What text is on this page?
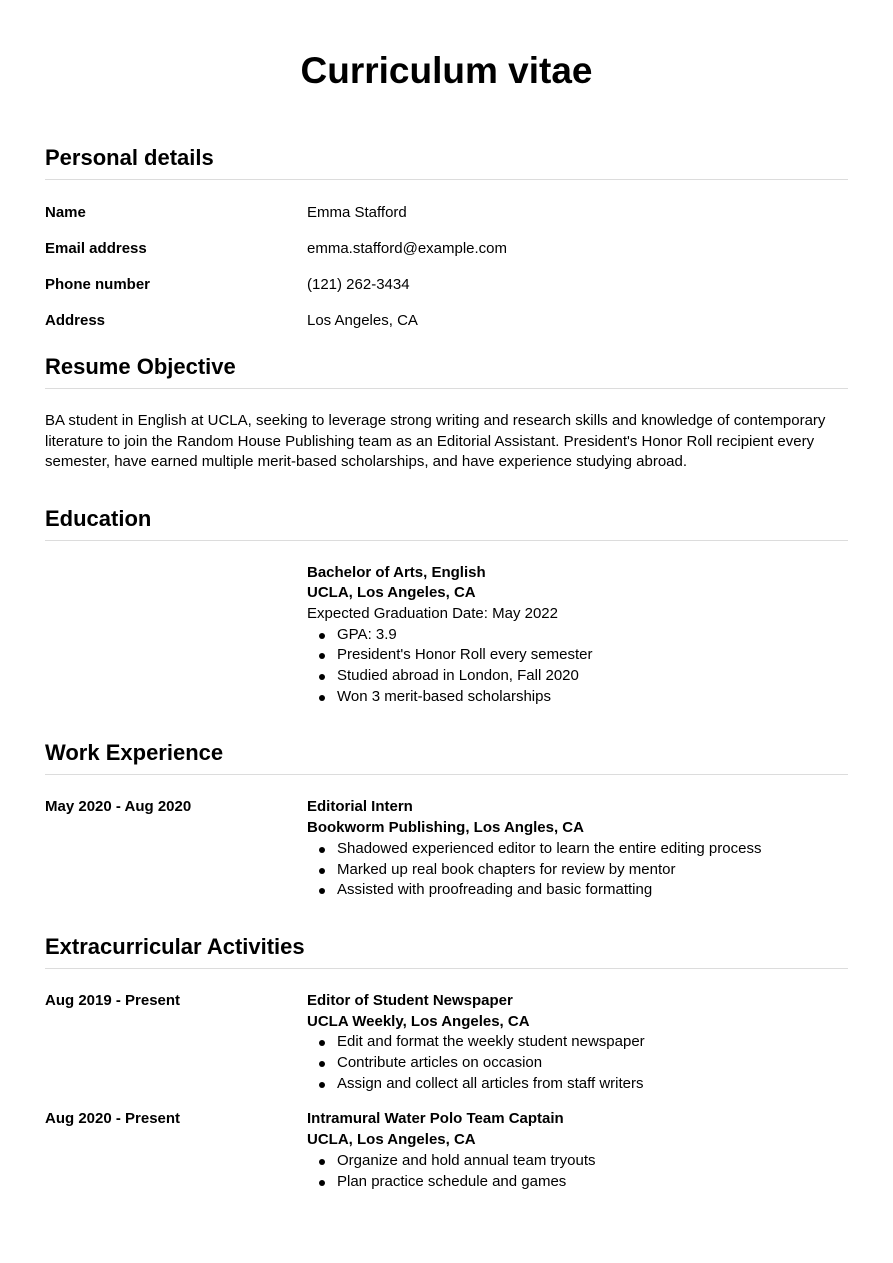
Curriculum vitae
Personal details
Name	Emma Stafford
Email address	emma.stafford@example.com
Phone number	(121) 262-3434
Address	Los Angeles, CA
Resume Objective

BA student in English at UCLA, seeking to leverage strong writing and research skills and knowledge of contemporary literature to join the Random House Publishing team as an Editorial Assistant. President's Honor Roll recipient every semester, have earned multiple merit-based scholarships, and have experience studying abroad.

Education
Bachelor of Arts, English
UCLA, Los Angeles, CA
Expected Graduation Date: May 2022
GPA: 3.9
President's Honor Roll every semester
Studied abroad in London, Fall 2020
Won 3 merit-based scholarships
Work Experience
May 2020 - Aug 2020	Editorial Intern
Bookworm Publishing, Los Angles, CA
Shadowed experienced editor to learn the entire editing process
Marked up real book chapters for review by mentor
Assisted with proofreading and basic formatting
Extracurricular Activities
Aug 2019 - Present	Editor of Student Newspaper
UCLA Weekly, Los Angeles, CA
Edit and format the weekly student newspaper
Contribute articles on occasion
Assign and collect all articles from staff writers
Aug 2020 - Present	Intramural Water Polo Team Captain
UCLA, Los Angeles, CA
Organize and hold annual team tryouts
Plan practice schedule and games
